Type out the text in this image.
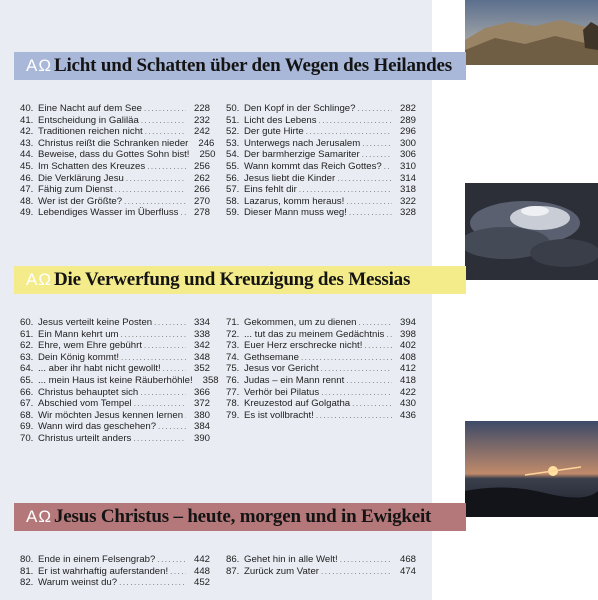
AΩ Licht und Schatten über den Wegen des Heilandes
40. Eine Nacht auf dem See .....	228
41. Entscheidung in Galiläa .....	232
42. Traditionen reichen nicht .....	242
43. Christus reißt die Schranken nieder	246
44. Beweise, dass du Gottes Sohn bist!	250
45. Im Schatten des Kreuzes .....	256
46. Die Verklärung Jesu .....	262
47. Fähig zum Dienst .....	266
48. Wer ist der Größte? .....	270
49. Lebendiges Wasser im Überfluss .....	278
50. Den Kopf in der Schlinge? .....	282
51. Licht des Lebens .....	289
52. Der gute Hirte .....	296
53. Unterwegs nach Jerusalem .....	300
54. Der barmherzige Samariter .....	306
55. Wann kommt das Reich Gottes? .....	310
56. Jesus liebt die Kinder .....	314
57. Eins fehlt dir .....	318
58. Lazarus, komm heraus! .....	322
59. Dieser Mann muss weg! .....	328
AΩ Die Verwerfung und Kreuzigung des Messias
60. Jesus verteilt keine Posten .....	334
61. Ein Mann kehrt um .....	338
62. Ehre, wem Ehre gebührt .....	342
63. Dein König kommt! .....	348
64. ... aber ihr habt nicht gewollt! .....	352
65. ... mein Haus ist keine Räuberhöhle!	358
66. Christus behauptet sich .....	366
67. Abschied vom Tempel .....	372
68. Wir möchten Jesus kennen lernen .....	380
69. Wann wird das geschehen? .....	384
70. Christus urteilt anders .....	390
71. Gekommen, um zu dienen .....	394
72. ... tut das zu meinem Gedächtnis .....	398
73. Euer Herz erschrecke nicht! .....	402
74. Gethsemane .....	408
75. Jesus vor Gericht .....	412
76. Judas – ein Mann rennt .....	418
77. Verhör bei Pilatus .....	422
78. Kreuzestod auf Golgatha .....	430
79. Es ist vollbracht! .....	436
AΩ Jesus Christus – heute, morgen und in Ewigkeit
80. Ende in einem Felsengrab? .....	442
81. Er ist wahrhaftig auferstanden! .....	448
82. Warum weinst du? .....	452
86. Gehet hin in alle Welt! .....	468
87. Zurück zum Vater .....	474
